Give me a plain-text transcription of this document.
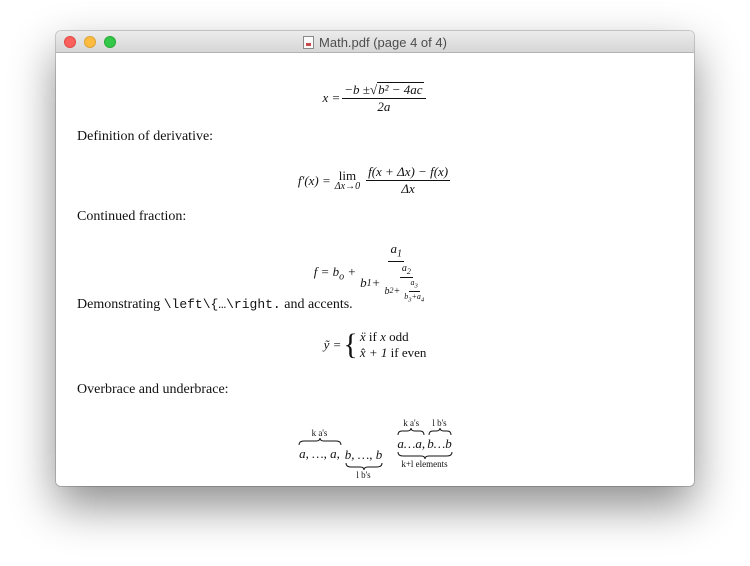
Math.pdf (page 4 of 4)
$x = \frac{\text{−b ±√b² − 4ac}}{2a}$
Definition of derivative:
f′(x) = lim
$\Delta x\to 0 \frac{f(x + \Delta x) - f(x)}{\Delta x}$
Continued fraction:
$f = b_o$ +
$a_1$
b $1 + \frac{a_2}{b 2 + \frac{a_3}{b_3+a_4}}$
Demonstrating \left\{…\right. and accents.
ỹ = { ẍ if x odd
x̂ + 1 if even
Overbrace and underbrace:
k a's
a, …, a, b, …, b
l b's
k a's
a…a,
l b's
b…b
k+l elements
